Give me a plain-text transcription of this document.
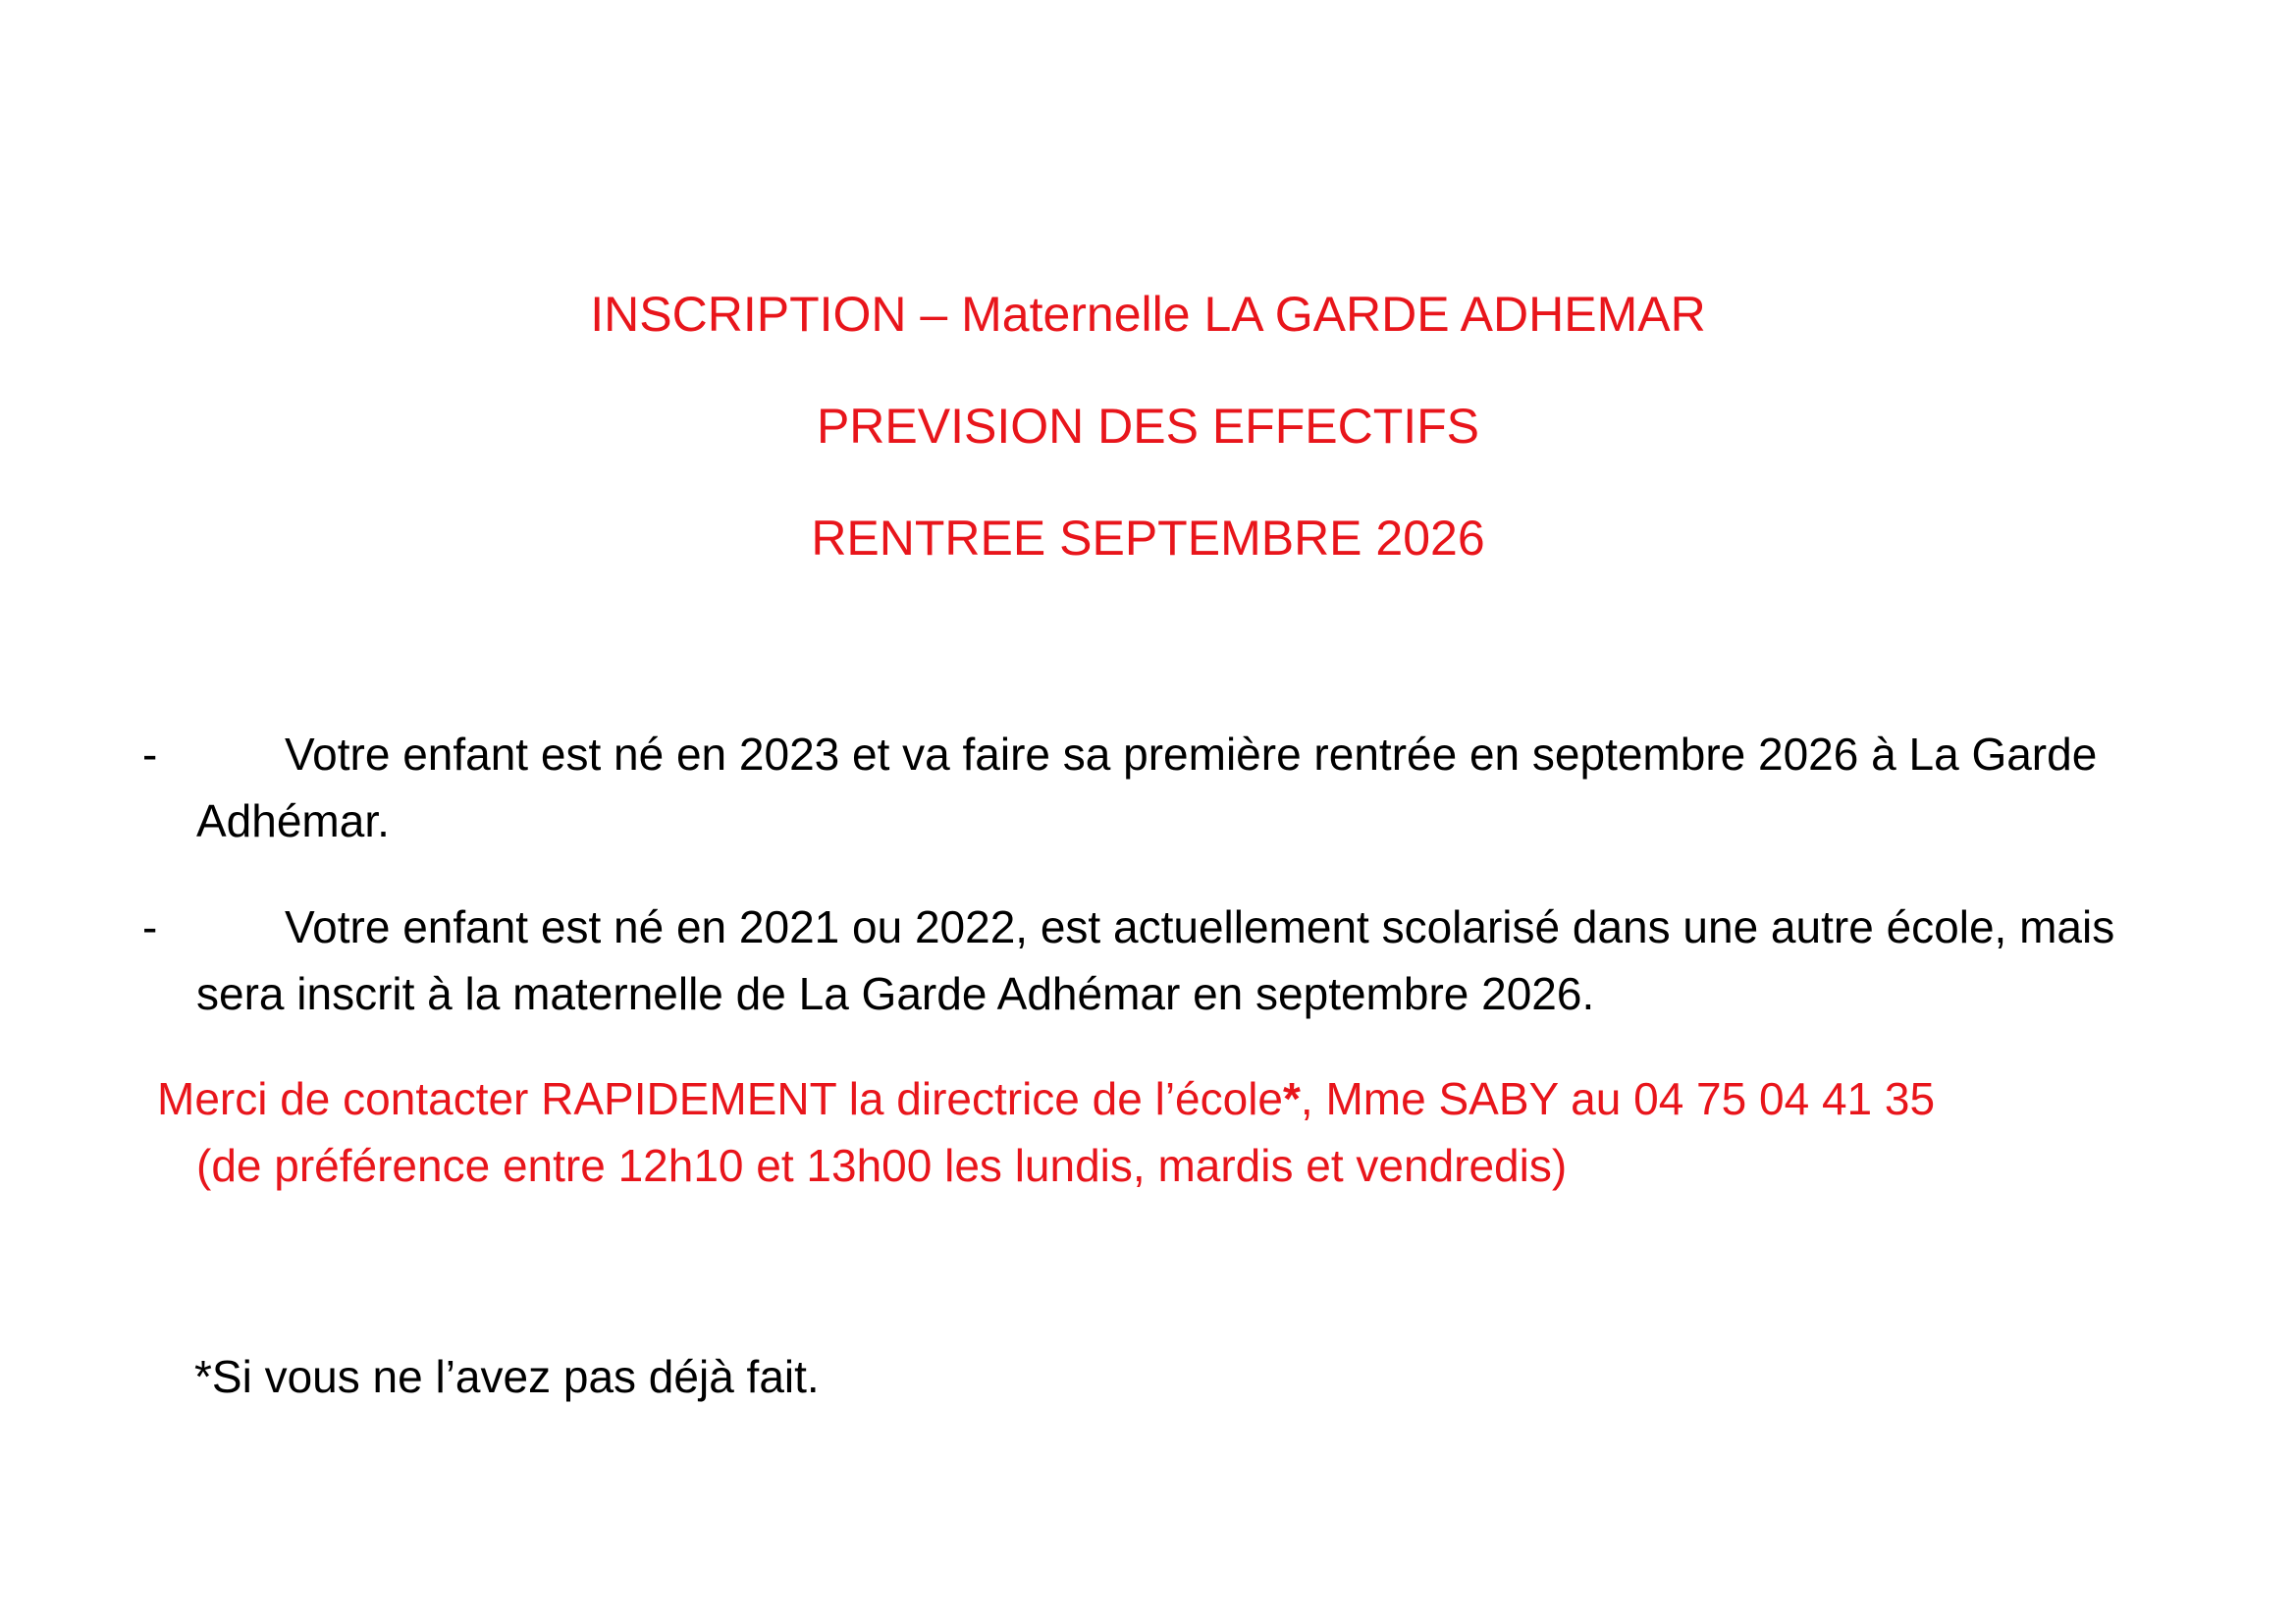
INSCRIPTION – Maternelle LA GARDE ADHEMAR
PREVISION DES EFFECTIFS
RENTREE SEPTEMBRE 2026
-	Votre enfant est né en 2023 et va faire sa première rentrée en septembre 2026 à La Garde Adhémar.
-	Votre enfant est né en 2021 ou 2022, est actuellement scolarisé dans une autre école, mais sera inscrit à la maternelle de La Garde Adhémar en septembre 2026.
Merci de contacter RAPIDEMENT la directrice de l’école*, Mme SABY au 04 75 04 41 35
(de préférence entre 12h10 et 13h00 les lundis, mardis et vendredis)
*Si vous ne l’avez pas déjà fait.
